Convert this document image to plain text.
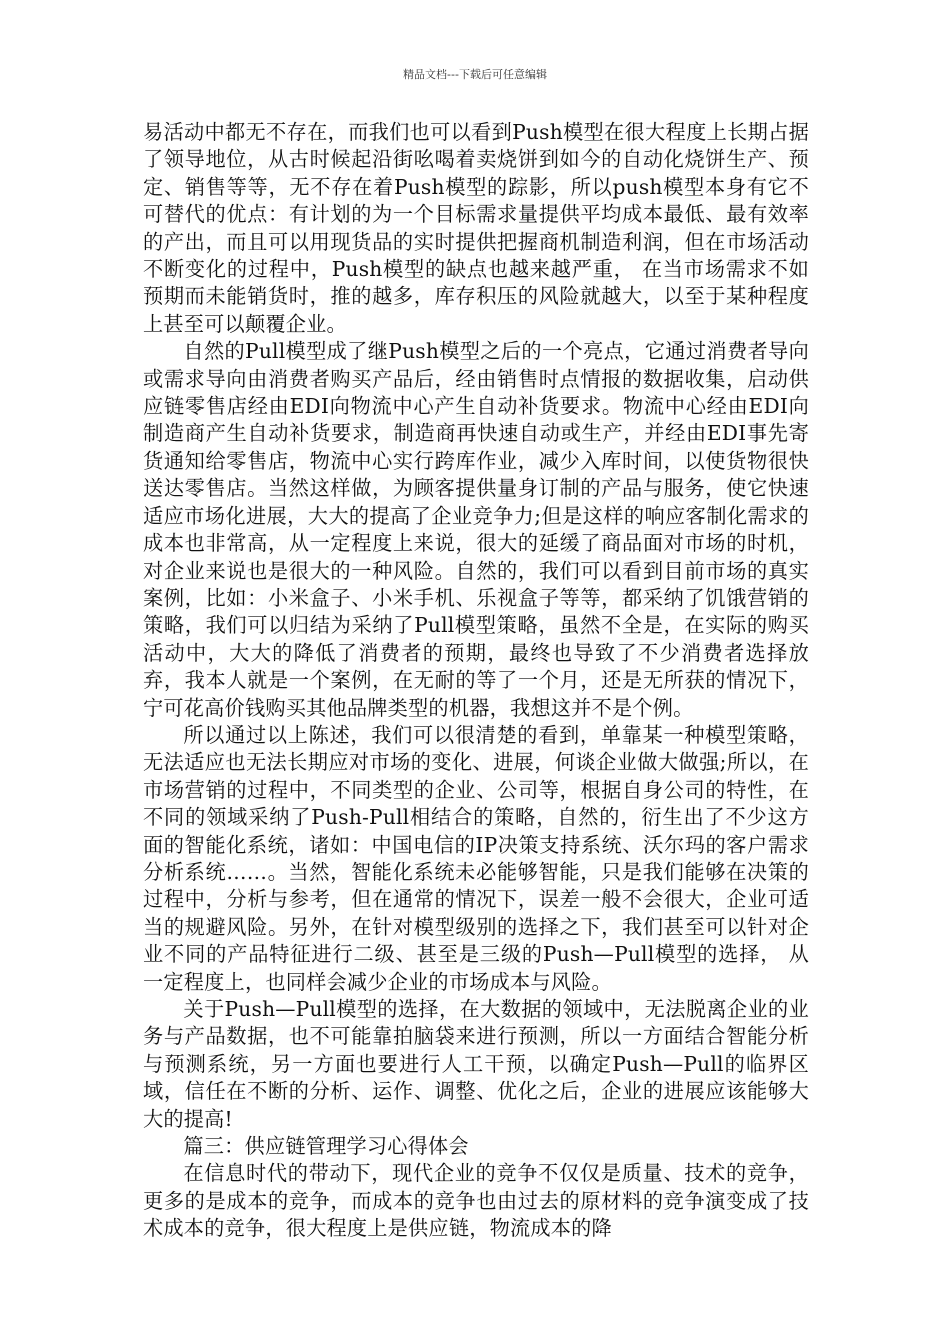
精品文档---下载后可任意编辑

易活动中都无不存在，而我们也可以看到Push模型在很大程度上长期占据了领导地位，从古时候起沿街吆喝着卖烧饼到如今的自动化烧饼生产、预定、销售等等，无不存在着Push模型的踪影，所以push模型本身有它不可替代的优点：有计划的为一个目标需求量提供平均成本最低、最有效率的产出，而且可以用现货品的实时提供把握商机制造利润，但在市场活动不断变化的过程中，Push模型的缺点也越来越严重， 在当市场需求不如预期而未能销货时，推的越多，库存积压的风险就越大，以至于某种程度上甚至可以颠覆企业。

自然的Pull模型成了继Push模型之后的一个亮点，它通过消费者导向或需求导向由消费者购买产品后，经由销售时点情报的数据收集，启动供应链零售店经由EDI向物流中心产生自动补货要求。物流中心经由EDI向制造商产生自动补货要求，制造商再快速自动或生产，并经由EDI事先寄货通知给零售店，物流中心实行跨库作业，减少入库时间，以使货物很快送达零售店。当然这样做，为顾客提供量身订制的产品与服务，使它快速适应市场化进展，大大的提高了企业竞争力;但是这样的响应客制化需求的成本也非常高，从一定程度上来说，很大的延缓了商品面对市场的时机，对企业来说也是很大的一种风险。自然的，我们可以看到目前市场的真实案例，比如：小米盒子、小米手机、乐视盒子等等，都采纳了饥饿营销的策略，我们可以归结为采纳了Pull模型策略，虽然不全是，在实际的购买活动中，大大的降低了消费者的预期，最终也导致了不少消费者选择放弃，我本人就是一个案例，在无耐的等了一个月，还是无所获的情况下，宁可花高价钱购买其他品牌类型的机器，我想这并不是个例。

所以通过以上陈述，我们可以很清楚的看到，单靠某一种模型策略，无法适应也无法长期应对市场的变化、进展，何谈企业做大做强;所以，在市场营销的过程中，不同类型的企业、公司等，根据自身公司的特性，在不同的领域采纳了Push-Pull相结合的策略，自然的，衍生出了不少这方面的智能化系统，诸如：中国电信的IP决策支持系统、沃尔玛的客户需求分析系统……。当然，智能化系统未必能够智能，只是我们能够在决策的过程中，分析与参考，但在通常的情况下，误差一般不会很大，企业可适当的规避风险。另外，在针对模型级别的选择之下，我们甚至可以针对企业不同的产品特征进行二级、甚至是三级的Push—Pull模型的选择， 从一定程度上，也同样会减少企业的市场成本与风险。

关于Push—Pull模型的选择，在大数据的领域中，无法脱离企业的业务与产品数据，也不可能靠拍脑袋来进行预测，所以一方面结合智能分析与预测系统，另一方面也要进行人工干预，以确定Push—Pull的临界区域，信任在不断的分析、运作、调整、优化之后，企业的进展应该能够大大的提高!

篇三：供应链管理学习心得体会

在信息时代的带动下，现代企业的竞争不仅仅是质量、技术的竞争，更多的是成本的竞争，而成本的竞争也由过去的原材料的竞争演变成了技术成本的竞争，很大程度上是供应链，物流成本的降
